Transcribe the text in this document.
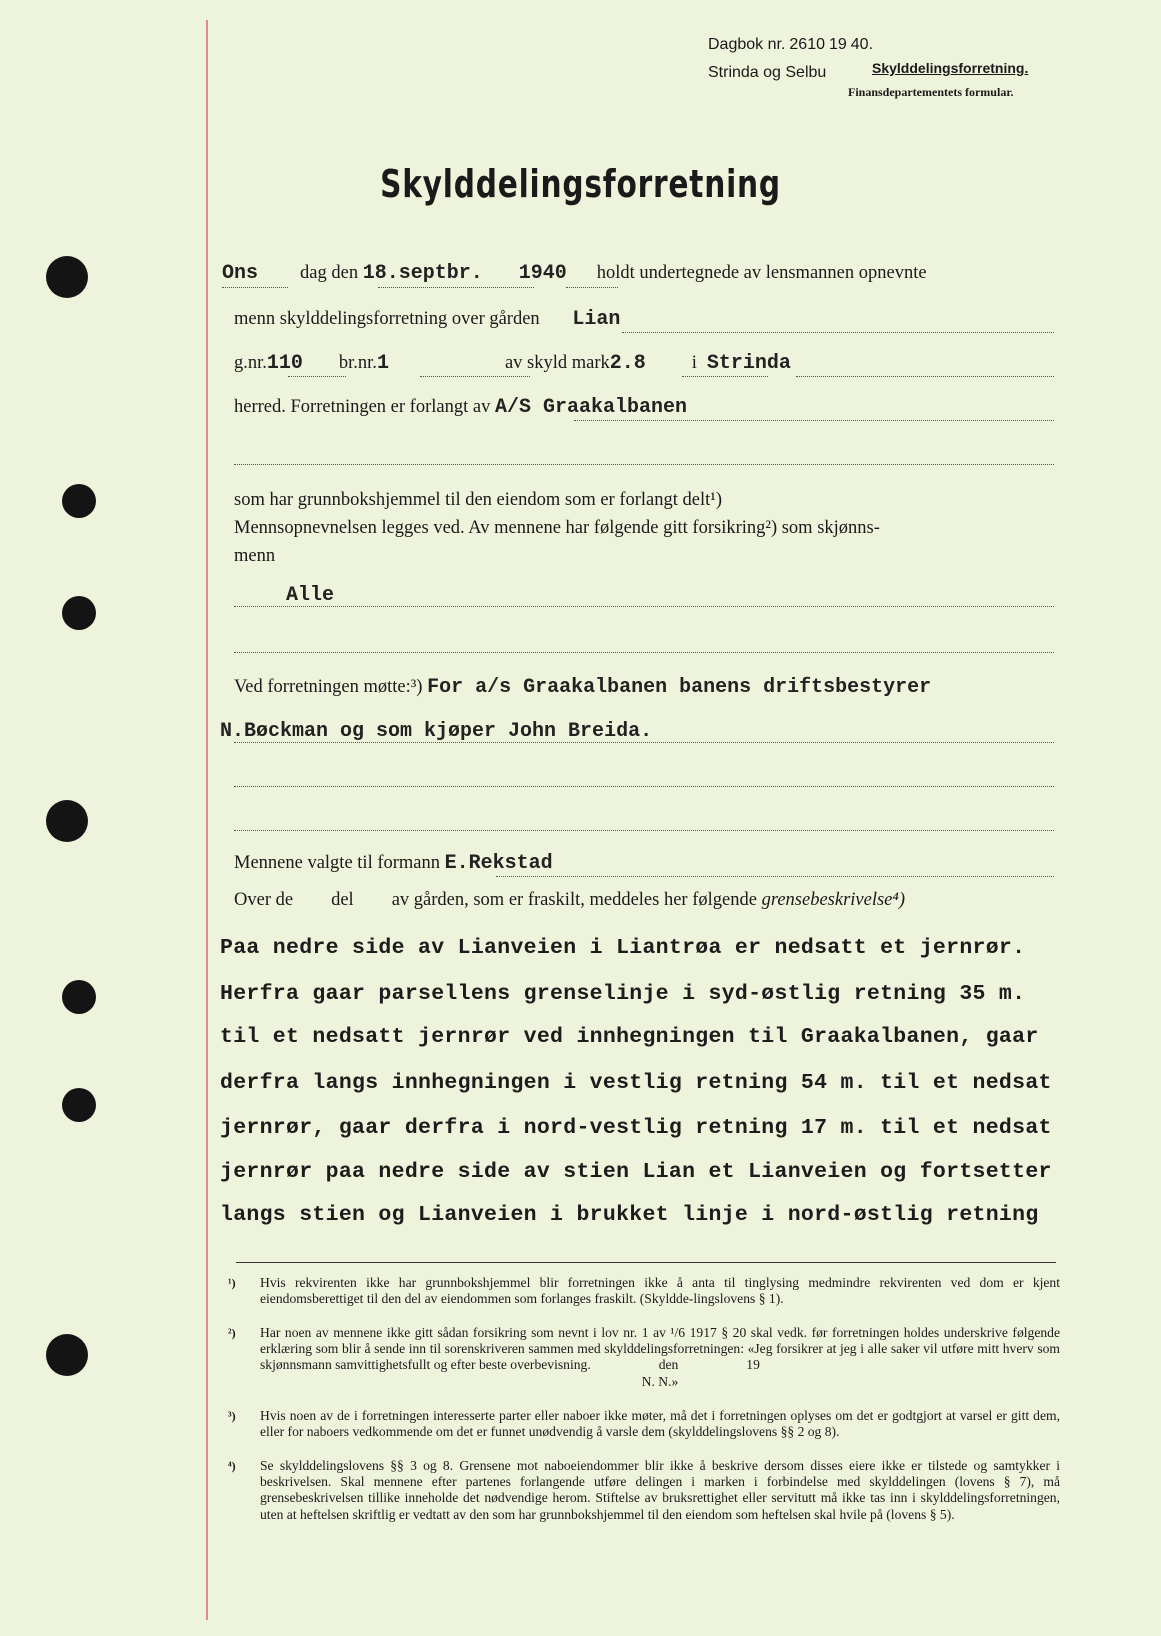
Dagbok nr. 2610 19 40.
Strinda og Selbu	Skylddelingsforretning.
Finansdepartementets formular.
Skylddelingsforretning
Ons dag den 18.septbr. 1940 holdt undertegnede av lensmannen opnevnte
menn skylddelingsforretning over gården Lian
g.nr.110 br.nr.1	av skyld mark2.8 i Strinda
herred. Forretningen er forlangt av A/S Graakalbanen
som har grunnbokshjemmel til den eiendom som er forlangt delt¹)
Mennsopnevnelsen legges ved. Av mennene har følgende gitt forsikring²) som skjønns-
menn
Alle
Ved forretningen møtte:³) For a/s Graakalbanen banens driftsbestyrer
N.Bøckman og som kjøper John Breida.
Mennene valgte til formann E.Rekstad
Over de del av gården, som er fraskilt, meddeles her følgende grensebeskrivelse⁴)
Paa nedre side av Lianveien i Liantrøa er nedsatt et jernrør.
Herfra gaar parsellens grenselinje i syd-østlig retning 35 m.
til et nedsatt jernrør ved innhegningen til Graakalbanen, gaar
derfra langs innhegningen i vestlig retning 54 m. til et nedsat
jernrør, gaar derfra i nord-vestlig retning 17 m. til et nedsat
jernrør paa nedre side av stien Lian et Lianveien og fortsetter
langs stien og Lianveien i brukket linje i nord-østlig retning
¹) Hvis rekvirenten ikke har grunnbokshjemmel blir forretningen ikke å anta til tinglysing medmindre rekvirenten ved dom er kjent eiendomsberettiget til den del av eiendommen som forlanges fraskilt. (Skyldde-lingslovens § 1).
²) Har noen av mennene ikke gitt sådan forsikring som nevnt i lov nr. 1 av ¹/6 1917 § 20 skal vedk. før forretningen holdes underskrive følgende erklæring som blir å sende inn til sorenskriveren sammen med skylddelingsforretningen: «Jeg forsikrer at jeg i alle saker vil utføre mitt hverv som skjønnsmann samvittighetsfullt og efter beste overbevisning.                    den                    19
N. N.»
³) Hvis noen av de i forretningen interesserte parter eller naboer ikke møter, må det i forretningen oplyses om det er godtgjort at varsel er gitt dem, eller for naboers vedkommende om det er funnet unødvendig å varsle dem (skylddelingslovens §§ 2 og 8).
⁴) Se skylddelingslovens §§ 3 og 8. Grensene mot naboeiendommer blir ikke å beskrive dersom disses eiere ikke er tilstede og samtykker i beskrivelsen. Skal mennene efter partenes forlangende utføre delingen i marken i forbindelse med skylddelingen (lovens § 7), må grensebeskrivelsen tillike inneholde det nødvendige herom. Stiftelse av bruksrettighet eller servitutt må ikke tas inn i skylddelingsforretningen, uten at heftelsen skriftlig er vedtatt av den som har grunnbokshjemmel til den eiendom som heftelsen skal hvile på (lovens § 5).
